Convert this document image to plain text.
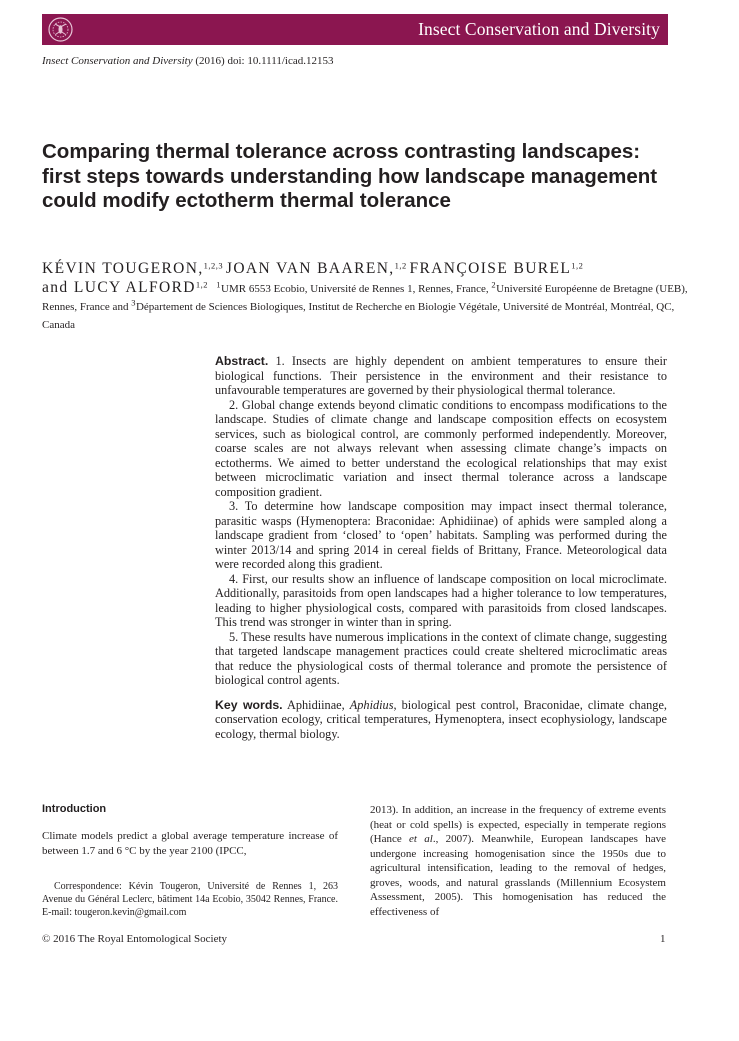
Insect Conservation and Diversity
Insect Conservation and Diversity (2016) doi: 10.1111/icad.12153
Comparing thermal tolerance across contrasting landscapes: first steps towards understanding how landscape management could modify ectotherm thermal tolerance
KÉVIN TOUGERON,$^{1,2,3}$ JOAN VAN BAAREN,$^{1,2}$ FRANÇOISE BUREL$^{1,2}$
and LUCY ALFORD$^{1,2}$ $^1$UMR 6553 Ecobio, Université de Rennes 1, Rennes, France, $^2$Université Européenne de Bretagne (UEB), Rennes, France and $^3$Département de Sciences Biologiques, Institut de Recherche en Biologie Végétale, Université de Montréal, Montréal, QC, Canada

Abstract. 1. Insects are highly dependent on ambient temperatures to ensure their biological functions. Their persistence in the environment and their resistance to unfavourable temperatures are governed by their physiological thermal tolerance.

2. Global change extends beyond climatic conditions to encompass modifications to the landscape. Studies of climate change and landscape composition effects on ecosystem services, such as biological control, are commonly performed independently. Moreover, coarse scales are not always relevant when assessing climate change’s impacts on ectotherms. We aimed to better understand the ecological relationships that may exist between microclimatic variation and insect thermal tolerance across a landscape composition gradient.

3. To determine how landscape composition may impact insect thermal tolerance, parasitic wasps (Hymenoptera: Braconidae: Aphidiinae) of aphids were sampled along a landscape gradient from ‘closed’ to ‘open’ habitats. Sampling was performed during the winter 2013/14 and spring 2014 in cereal fields of Brittany, France. Meteorological data were recorded along this gradient.

4. First, our results show an influence of landscape composition on local microclimate. Additionally, parasitoids from open landscapes had a higher tolerance to low temperatures, leading to higher physiological costs, compared with parasitoids from closed landscapes. This trend was stronger in winter than in spring.

5. These results have numerous implications in the context of climate change, suggesting that targeted landscape management practices could create sheltered microclimatic areas that reduce the physiological costs of thermal tolerance and promote the persistence of biological control agents.

Key words. Aphidiinae, Aphidius, biological pest control, Braconidae, climate change, conservation ecology, critical temperatures, Hymenoptera, insect ecophysiology, landscape ecology, thermal biology.

Introduction

Climate models predict a global average temperature increase of between 1.7 and 6 °C by the year 2100 (IPCC,

Correspondence: Kévin Tougeron, Université de Rennes 1, 263 Avenue du Général Leclerc, bâtiment 14a Ecobio, 35042 Rennes, France. E-mail: tougeron.kevin@gmail.com

2013). In addition, an increase in the frequency of extreme events (heat or cold spells) is expected, especially in temperate regions (Hance et al., 2007). Meanwhile, European landscapes have undergone increasing homogenisation since the 1950s due to agricultural intensification, leading to the removal of hedges, groves, woods, and natural grasslands (Millennium Ecosystem Assessment, 2005). This homogenisation has reduced the effectiveness of

© 2016 The Royal Entomological Society	1
